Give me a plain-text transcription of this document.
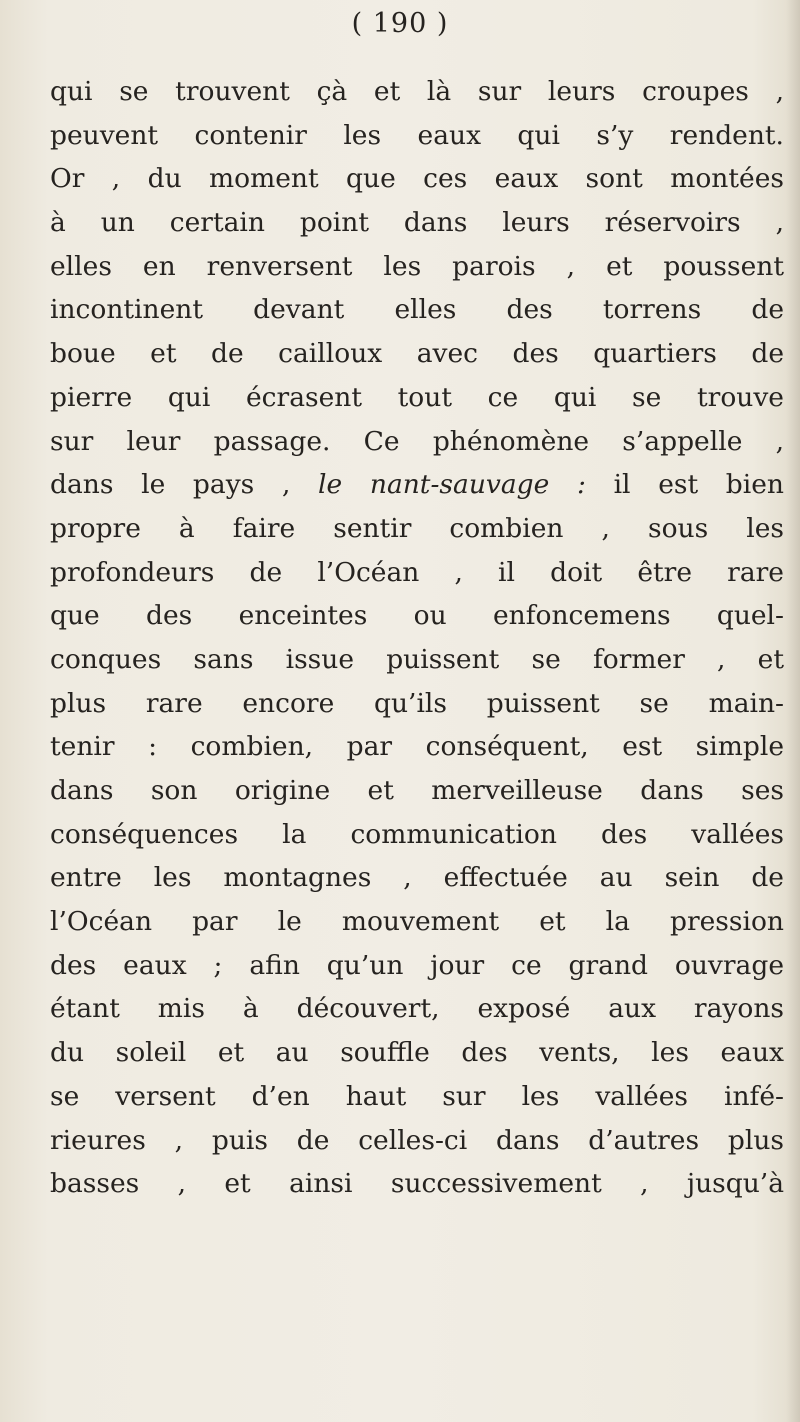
( 190 )
qui se trouvent çà et là sur leurs croupes ,
peuvent contenir les eaux qui s’y rendent.
Or , du moment que ces eaux sont montées
à un certain point dans leurs réservoirs ,
elles en renversent les parois , et poussent
incontinent devant elles des torrens de
boue et de cailloux avec des quartiers de
pierre qui écrasent tout ce qui se trouve
sur leur passage. Ce phénomène s’appelle ,
dans le pays , le nant-sauvage : il est bien
propre à faire sentir combien , sous les
profondeurs de l’Océan , il doit être rare
que des enceintes ou enfoncemens quel-
conques sans issue puissent se former , et
plus rare encore qu’ils puissent se main-
tenir : combien, par conséquent, est simple
dans son origine et merveilleuse dans ses
conséquences la communication des vallées
entre les montagnes , effectuée au sein de
l’Océan par le mouvement et la pression
des eaux ; afin qu’un jour ce grand ouvrage
étant mis à découvert, exposé aux rayons
du soleil et au souffle des vents, les eaux
se versent d’en haut sur les vallées infé-
rieures , puis de celles-ci dans d’autres plus
basses , et ainsi successivement , jusqu’à
